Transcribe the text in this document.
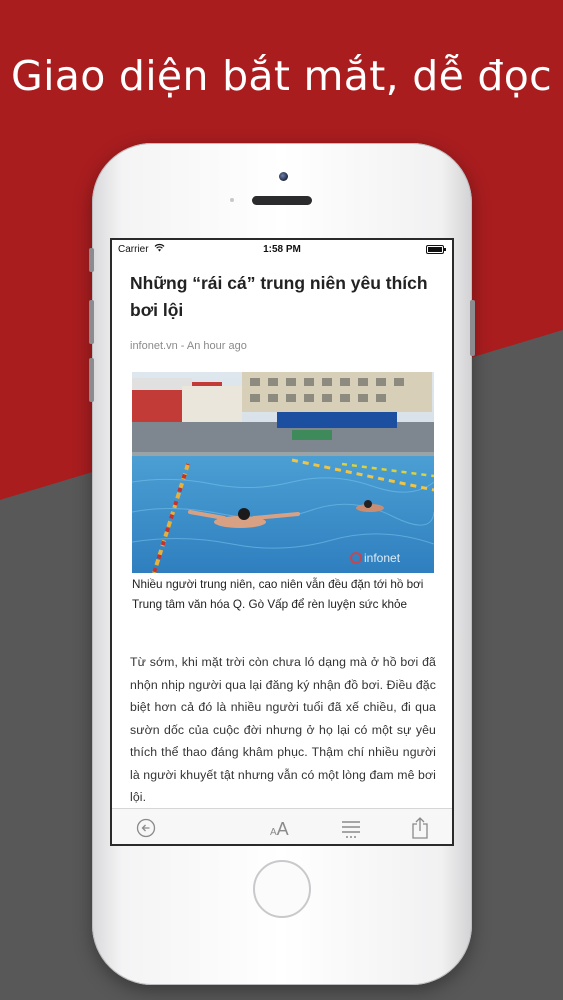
Giao diện bắt mắt, dễ đọc
Carrier	1:58 PM
Những “rái cá” trung niên yêu thích bơi lội
infonet.vn - An hour ago
infonet
Nhiều người trung niên, cao niên vẫn đều đặn tới hồ bơi Trung tâm văn hóa Q. Gò Vấp để rèn luyện sức khỏe
Từ sớm, khi mặt trời còn chưa ló dạng mà ở hồ bơi đã nhộn nhịp người qua lại đăng ký nhận đồ bơi. Điều đặc biệt hơn cả đó là nhiều người tuổi đã xế chiều, đi qua sườn dốc của cuộc đời nhưng ở họ lại có một sự yêu thích thể thao đáng khâm phục. Thậm chí nhiều người là người khuyết tật nhưng vẫn có một lòng đam mê bơi lội.
AA
